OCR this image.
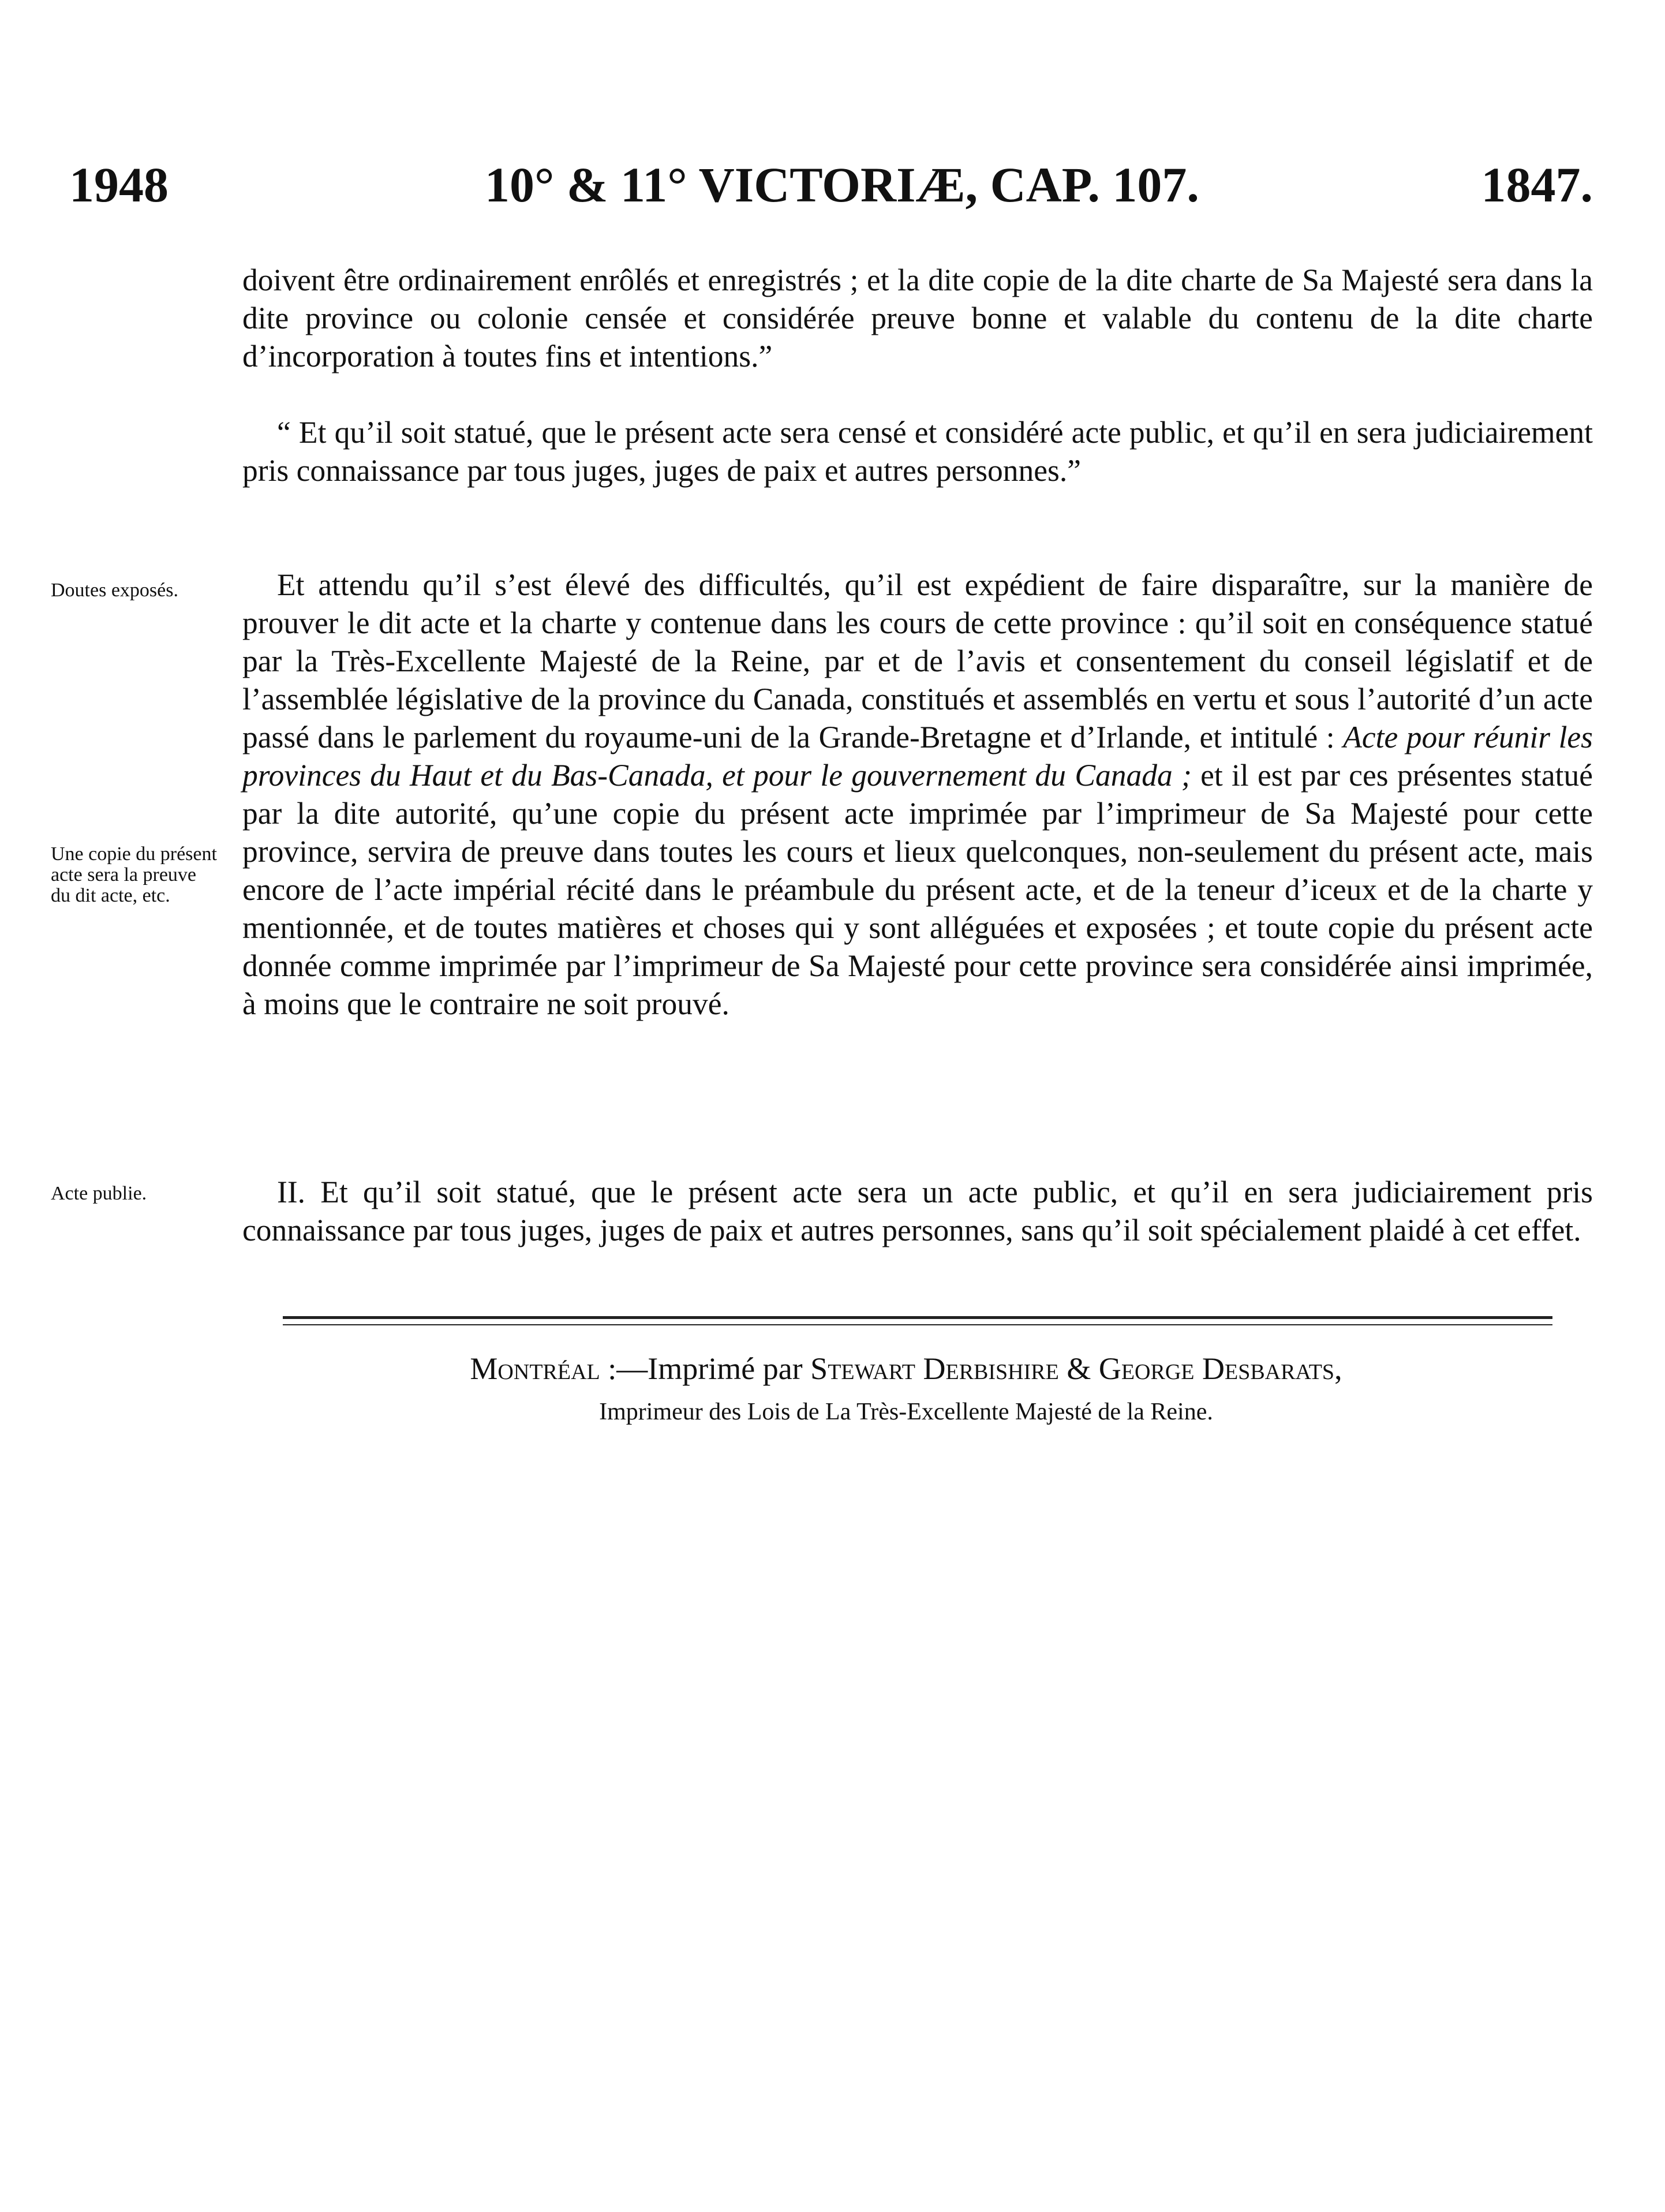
1948	10° & 11° VICTORIÆ, CAP. 107.	1847.

doivent être ordinairement enrôlés et enregistrés ; et la dite copie de la dite charte de Sa Majesté sera dans la dite province ou colonie censée et considérée preuve bonne et valable du contenu de la dite charte d’incorporation à toutes fins et intentions.”

“ Et qu’il soit statué, que le présent acte sera censé et considéré acte public, et qu’il en sera judiciairement pris connaissance par tous juges, juges de paix et autres personnes.”

Doutes exposés.	Et attendu qu’il s’est élevé des difficultés, qu’il est expédient de faire disparaître, sur la manière de prouver le dit acte et la charte y contenue dans les cours de cette province : qu’il soit en conséquence statué par la Très-Excellente Majesté de la Reine, par et de l’avis et consentement du conseil législatif et de l’assemblée législative de la province du Canada, constitués et assemblés en vertu et sous l’autorité d’un acte passé dans le parlement du royaume-uni de la Grande-Bretagne et d’Irlande, et intitulé : Acte pour réunir les provinces du Haut et du Bas-Canada, et pour le gouvernement du Canada ; et il est par ces présentes statué par la dite autorité, qu’une copie du présent acte imprimée par l’imprimeur de Sa Majesté pour cette province, servira de preuve dans toutes les cours et lieux quelconques, non-seulement du présent acte, mais encore de l’acte impérial récité dans le préambule du présent acte, et de la teneur d’iceux et de la charte y mentionnée, et de toutes matières et choses qui y sont alléguées et exposées ; et toute copie du présent acte donnée comme imprimée par l’imprimeur de Sa Majesté pour cette province sera considérée ainsi imprimée, à moins que le contraire ne soit prouvé.

Une copie du présent acte sera la preuve du dit acte, etc.
Acte publie.	II. Et qu’il soit statué, que le présent acte sera un acte public, et qu’il en sera judiciairement pris connaissance par tous juges, juges de paix et autres personnes, sans qu’il soit spécialement plaidé à cet effet.

Montréal :—Imprimé par Stewart Derbishire & George Desbarats,
Imprimeur des Lois de La Très-Excellente Majesté de la Reine.
